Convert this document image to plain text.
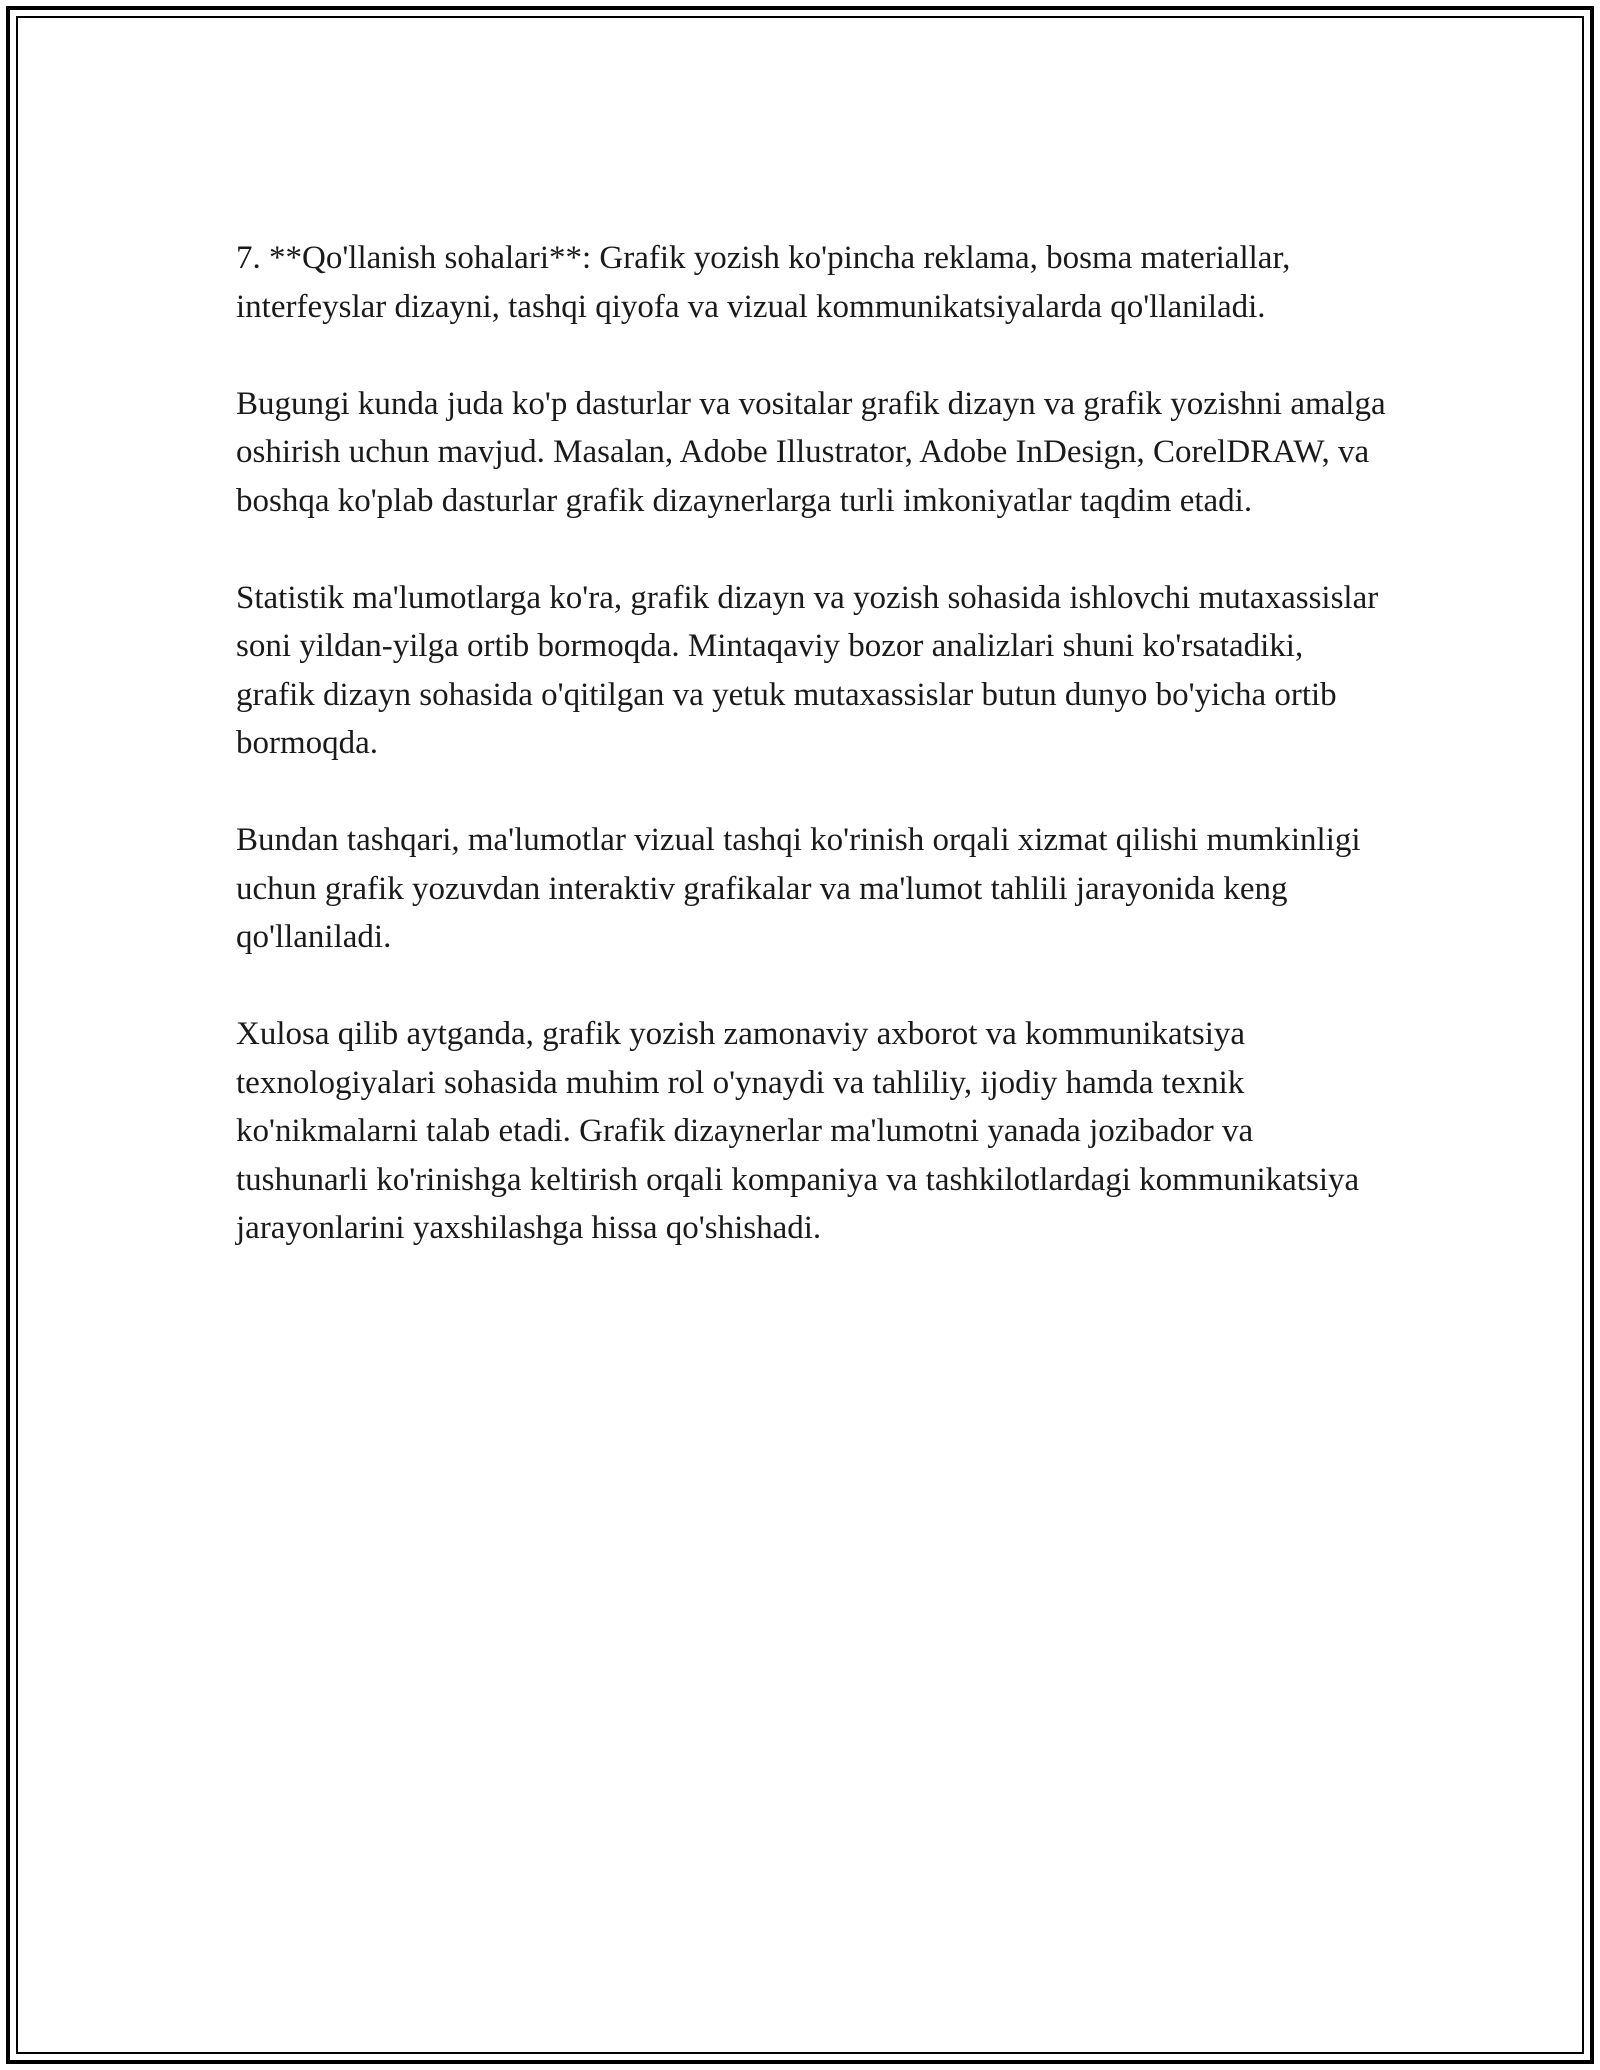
7. **Qo'llanish sohalari**: Grafik yozish ko'pincha reklama, bosma materiallar, interfeyslar dizayni, tashqi qiyofa va vizual kommunikatsiyalarda qo'llaniladi.

Bugungi kunda juda ko'p dasturlar va vositalar grafik dizayn va grafik yozishni amalga oshirish uchun mavjud. Masalan, Adobe Illustrator, Adobe InDesign, CorelDRAW, va boshqa ko'plab dasturlar grafik dizaynerlarga turli imkoniyatlar taqdim etadi.

Statistik ma'lumotlarga ko'ra, grafik dizayn va yozish sohasida ishlovchi mutaxassislar soni yildan-yilga ortib bormoqda. Mintaqaviy bozor analizlari shuni ko'rsatadiki, grafik dizayn sohasida o'qitilgan va yetuk mutaxassislar butun dunyo bo'yicha ortib bormoqda.

Bundan tashqari, ma'lumotlar vizual tashqi ko'rinish orqali xizmat qilishi mumkinligi uchun grafik yozuvdan interaktiv grafikalar va ma'lumot tahlili jarayonida keng qo'llaniladi.

Xulosa qilib aytganda, grafik yozish zamonaviy axborot va kommunikatsiya texnologiyalari sohasida muhim rol o'ynaydi va tahliliy, ijodiy hamda texnik ko'nikmalarni talab etadi. Grafik dizaynerlar ma'lumotni yanada jozibador va tushunarli ko'rinishga keltirish orqali kompaniya va tashkilotlardagi kommunikatsiya jarayonlarini yaxshilashga hissa qo'shishadi.
